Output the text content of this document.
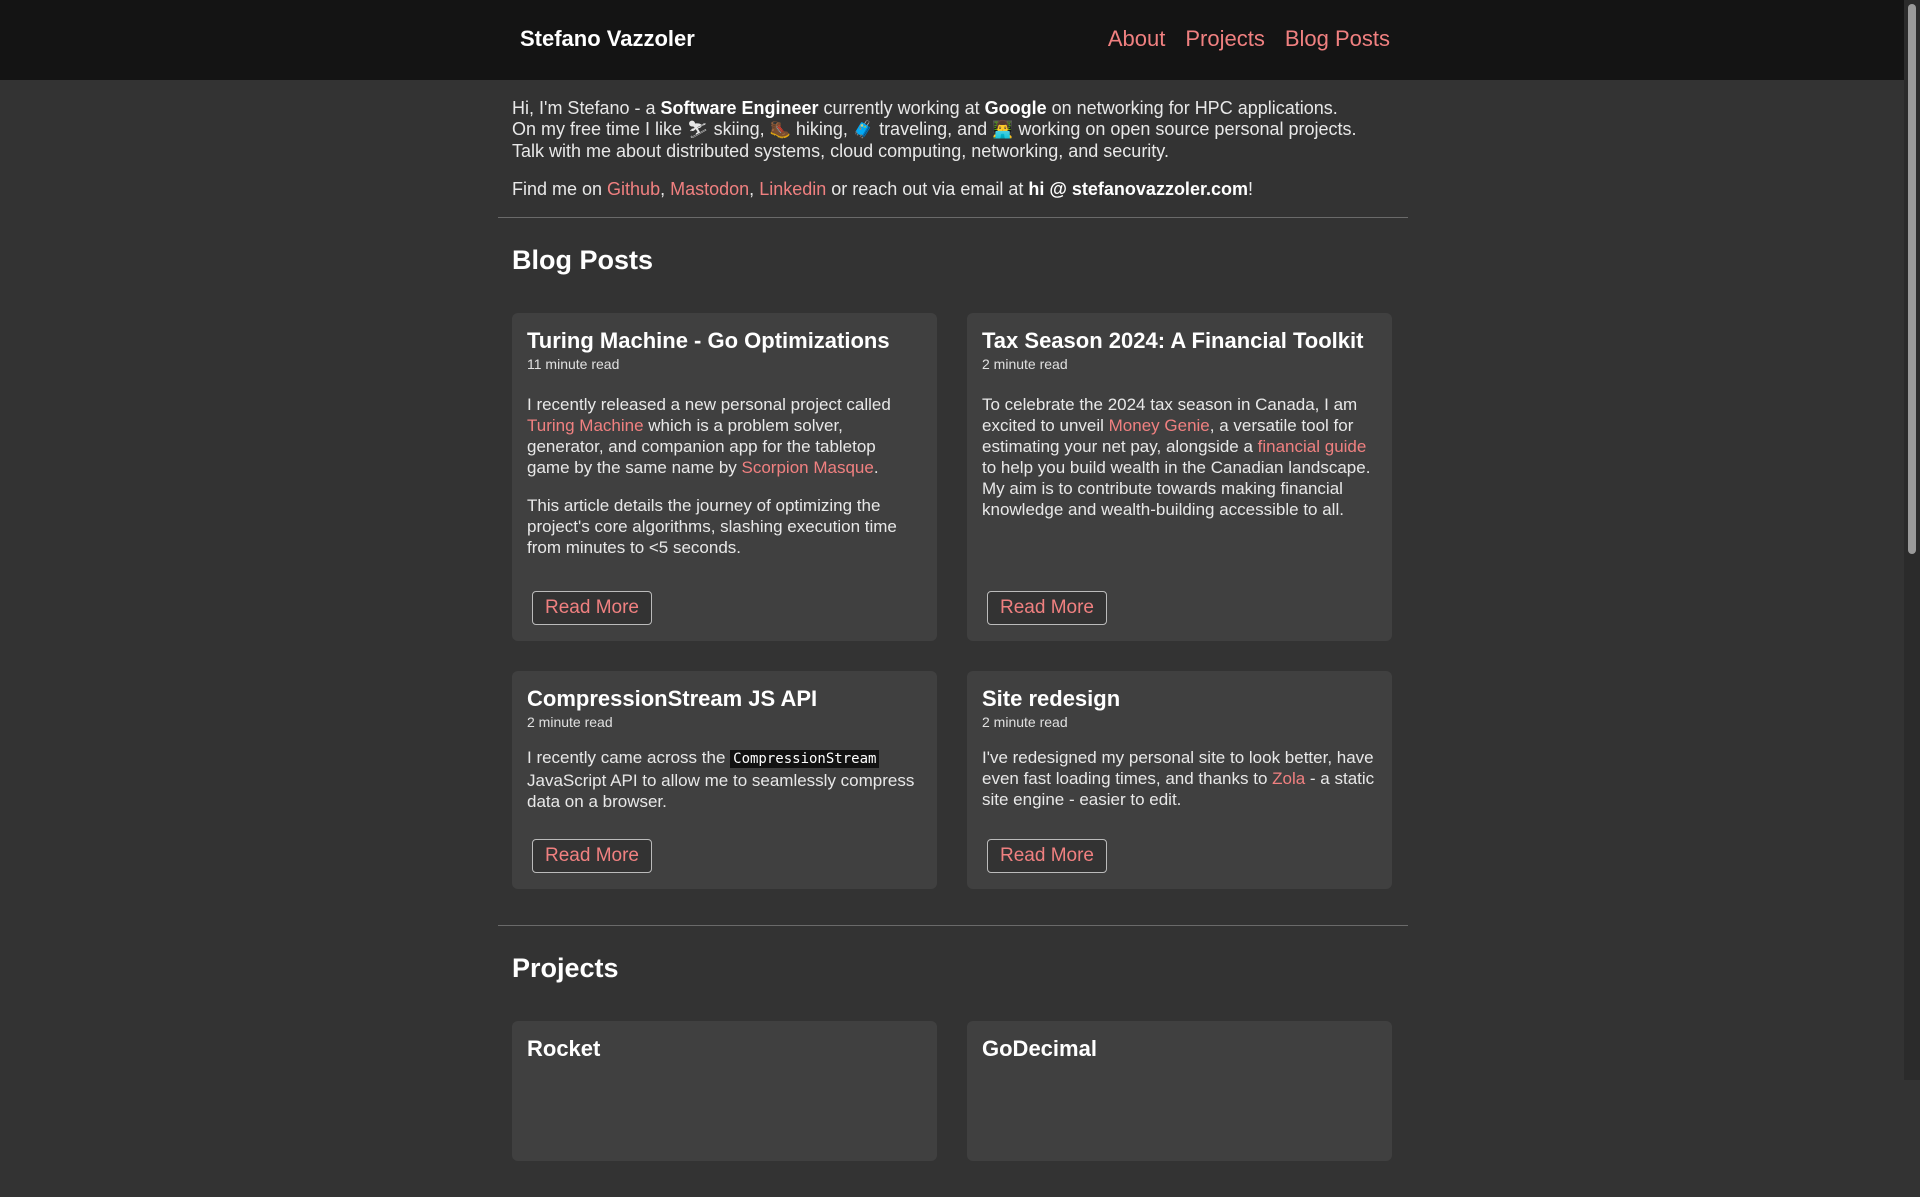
Stefano Vazzoler	About Projects Blog Posts

Hi, I'm Stefano - a Software Engineer currently working at Google on networking for HPC applications.
On my free time I like ⛷ skiing, 🥾 hiking, 🧳 traveling, and 👨‍💻 working on open source personal projects.
Talk with me about distributed systems, cloud computing, networking, and security.

Find me on Github, Mastodon, Linkedin or reach out via email at hi @ stefanovazzoler.com!

Blog Posts
Turing Machine - Go Optimizations
11 minute read

I recently released a new personal project called Turing Machine which is a problem solver, generator, and companion app for the tabletop game by the same name by Scorpion Masque.

This article details the journey of optimizing the project's core algorithms, slashing execution time from minutes to <5 seconds.

Read More
Tax Season 2024: A Financial Toolkit
2 minute read

To celebrate the 2024 tax season in Canada, I am excited to unveil Money Genie, a versatile tool for estimating your net pay, alongside a financial guide to help you build wealth in the Canadian landscape. My aim is to contribute towards making financial knowledge and wealth-building accessible to all.

Read More
CompressionStream JS API
2 minute read

I recently came across the CompressionStream JavaScript API to allow me to seamlessly compress data on a browser.

Read More
Site redesign
2 minute read

I've redesigned my personal site to look better, have even fast loading times, and thanks to Zola - a static site engine - easier to edit.

Read More
Projects
Rocket	GoDecimal
